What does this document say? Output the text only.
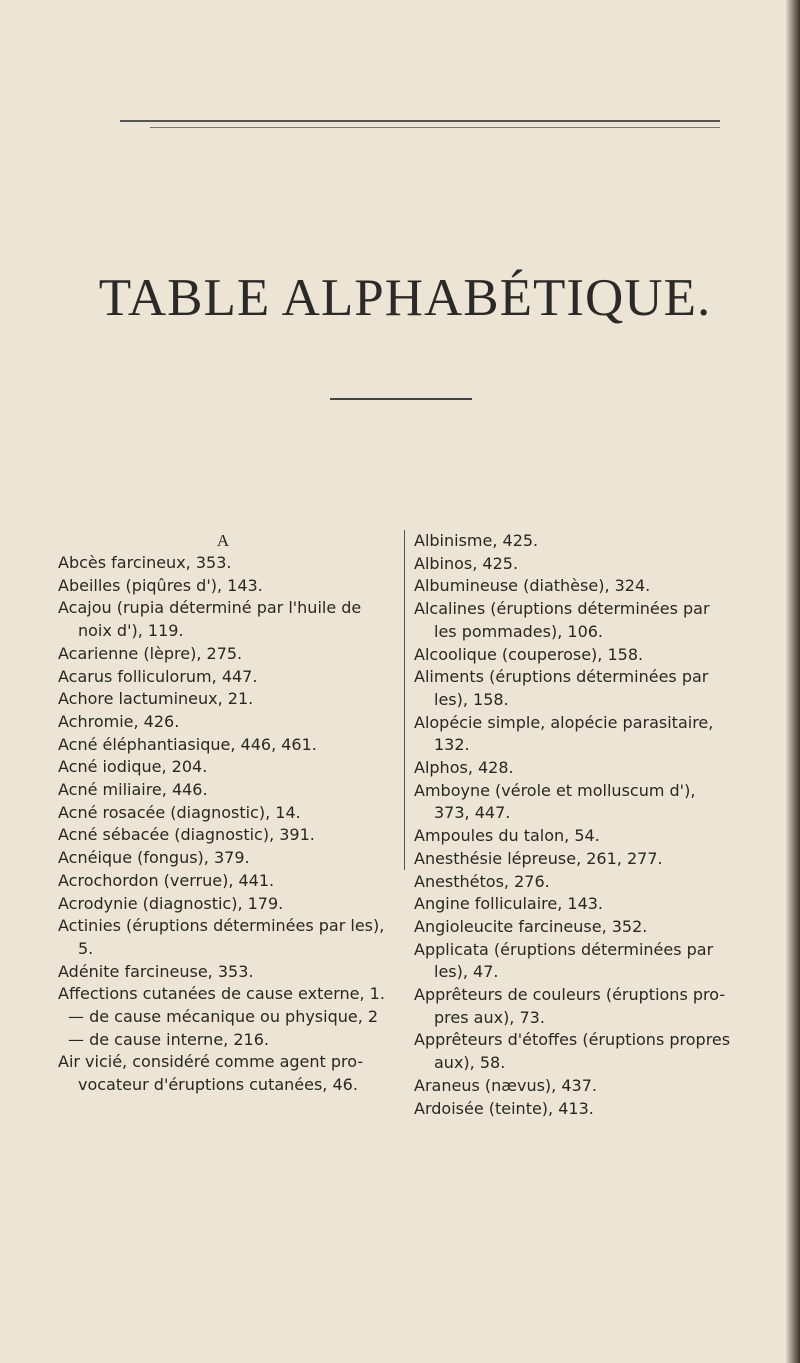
TABLE ALPHABÉTIQUE.
A
Abcès farcineux, 353.
Abeilles (piqûres d'), 143.
Acajou (rupia déterminé par l'huile de
noix d'), 119.
Acarienne (lèpre), 275.
Acarus folliculorum, 447.
Achore lactumineux, 21.
Achromie, 426.
Acné éléphantiasique, 446, 461.
Acné iodique, 204.
Acné miliaire, 446.
Acné rosacée (diagnostic), 14.
Acné sébacée (diagnostic), 391.
Acnéique (fongus), 379.
Acrochordon (verrue), 441.
Acrodynie (diagnostic), 179.
Actinies (éruptions déterminées par les),
5.
Adénite farcineuse, 353.
Affections cutanées de cause externe, 1.
— de cause mécanique ou physique, 2
— de cause interne, 216.
Air vicié, considéré comme agent pro-
vocateur d'éruptions cutanées, 46.
Albinisme, 425.
Albinos, 425.
Albumineuse (diathèse), 324.
Alcalines (éruptions déterminées par
les pommades), 106.
Alcoolique (couperose), 158.
Aliments (éruptions déterminées par
les), 158.
Alopécie simple, alopécie parasitaire,
132.
Alphos, 428.
Amboyne (vérole et molluscum d'),
373, 447.
Ampoules du talon, 54.
Anesthésie lépreuse, 261, 277.
Anesthétos, 276.
Angine folliculaire, 143.
Angioleucite farcineuse, 352.
Applicata (éruptions déterminées par
les), 47.
Apprêteurs de couleurs (éruptions pro-
pres aux), 73.
Apprêteurs d'étoffes (éruptions propres
aux), 58.
Araneus (nævus), 437.
Ardoisée (teinte), 413.
